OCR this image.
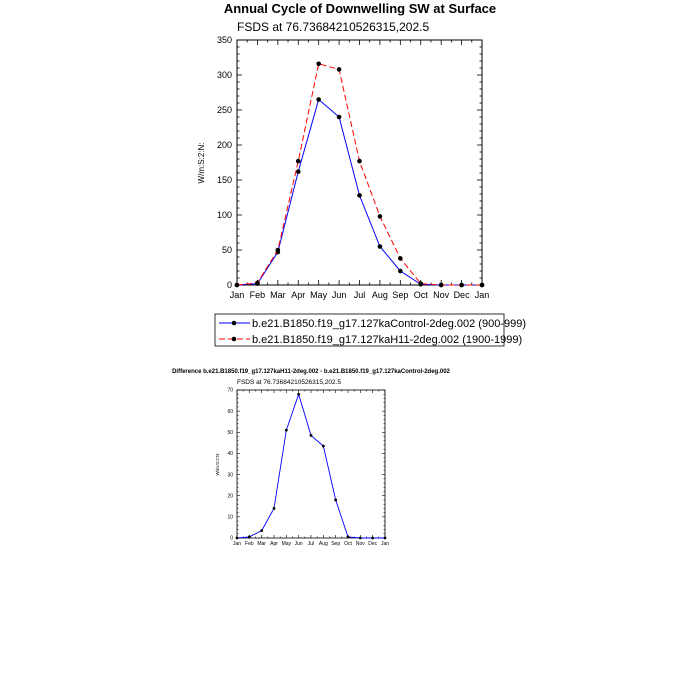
Annual Cycle of Downwelling SW at Surface
FSDS at 76.73684210526315,202.5
W/m:S:2:N:
Jan Feb Mar Apr May Jun Jul Aug Sep Oct Nov Dec Jan
0
50
100
150
200
250
300
350
b.e21.B1850.f19_g17.127kaControl-2deg.002 (900-999)
b.e21.B1850.f19_g17.127kaH11-2deg.002 (1900-1999)
Difference b.e21.B1850.f19_g17.127kaH11-2deg.002 - b.e21.B1850.f19_g17.127kaControl-2deg.002
FSDS at 76.73684210526315,202.5
W/m:S:2:N:
Jan Feb Mar Apr May Jun Jul Aug Sep Oct Nov Dec Jan
0
10
20
30
40
50
60
70
